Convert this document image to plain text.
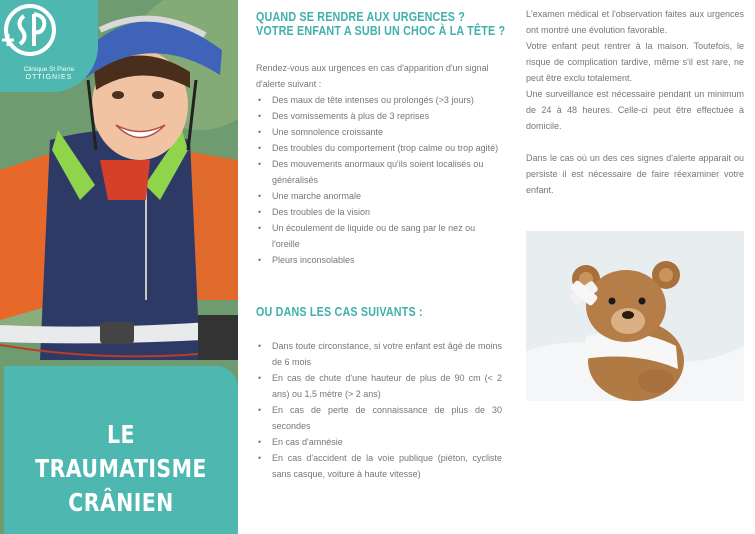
Clinique St Pierre
OTTIGNIES
LE TRAUMATISME
CRÂNIEN
QUAND SE RENDRE AUX URGENCES ?
VOTRE ENFANT A SUBI UN CHOC À LA TÊTE ?
Rendez-vous aux urgences en cas d'apparition d'un signal d'alerte suivant :
• Des maux de tête intenses ou prolongés (>3 jours)
• Des vomissements à plus de 3 reprises
• Une somnolence croissante
• Des troubles du comportement (trop calme ou trop agité)
• Des mouvements anormaux qu'ils soient localisés ou généralisés
• Une marche anormale
• Des troubles de la vision
• Un écoulement de liquide ou de sang par le nez ou l'oreille
• Pleurs inconsolables
OU DANS LES CAS SUIVANTS :
• Dans toute circonstance, si votre enfant est âgé de moins de 6 mois
• En cas de chute d'une hauteur de plus de 90 cm (< 2 ans) ou 1,5 mètre (> 2 ans)
• En cas de perte de connaissance de plus de 30 secondes
• En cas d'amnésie
• En cas d'accident de la voie publique (piéton, cycliste sans casque, voiture à haute vitesse)

L'examen médical et l'observation faites aux urgences ont montré une évolution favorable.

Votre enfant peut rentrer à la maison. Toutefois, le risque de complication tardive, même s'il est rare, ne peut être exclu totalement.

Une surveillance est nécessaire pendant un minimum de 24 à 48 heures. Celle-ci peut être effectuée à domicile.

Dans le cas où un des ces signes d'alerte apparait ou persiste il est nécessaire de faire réexaminer votre enfant.
